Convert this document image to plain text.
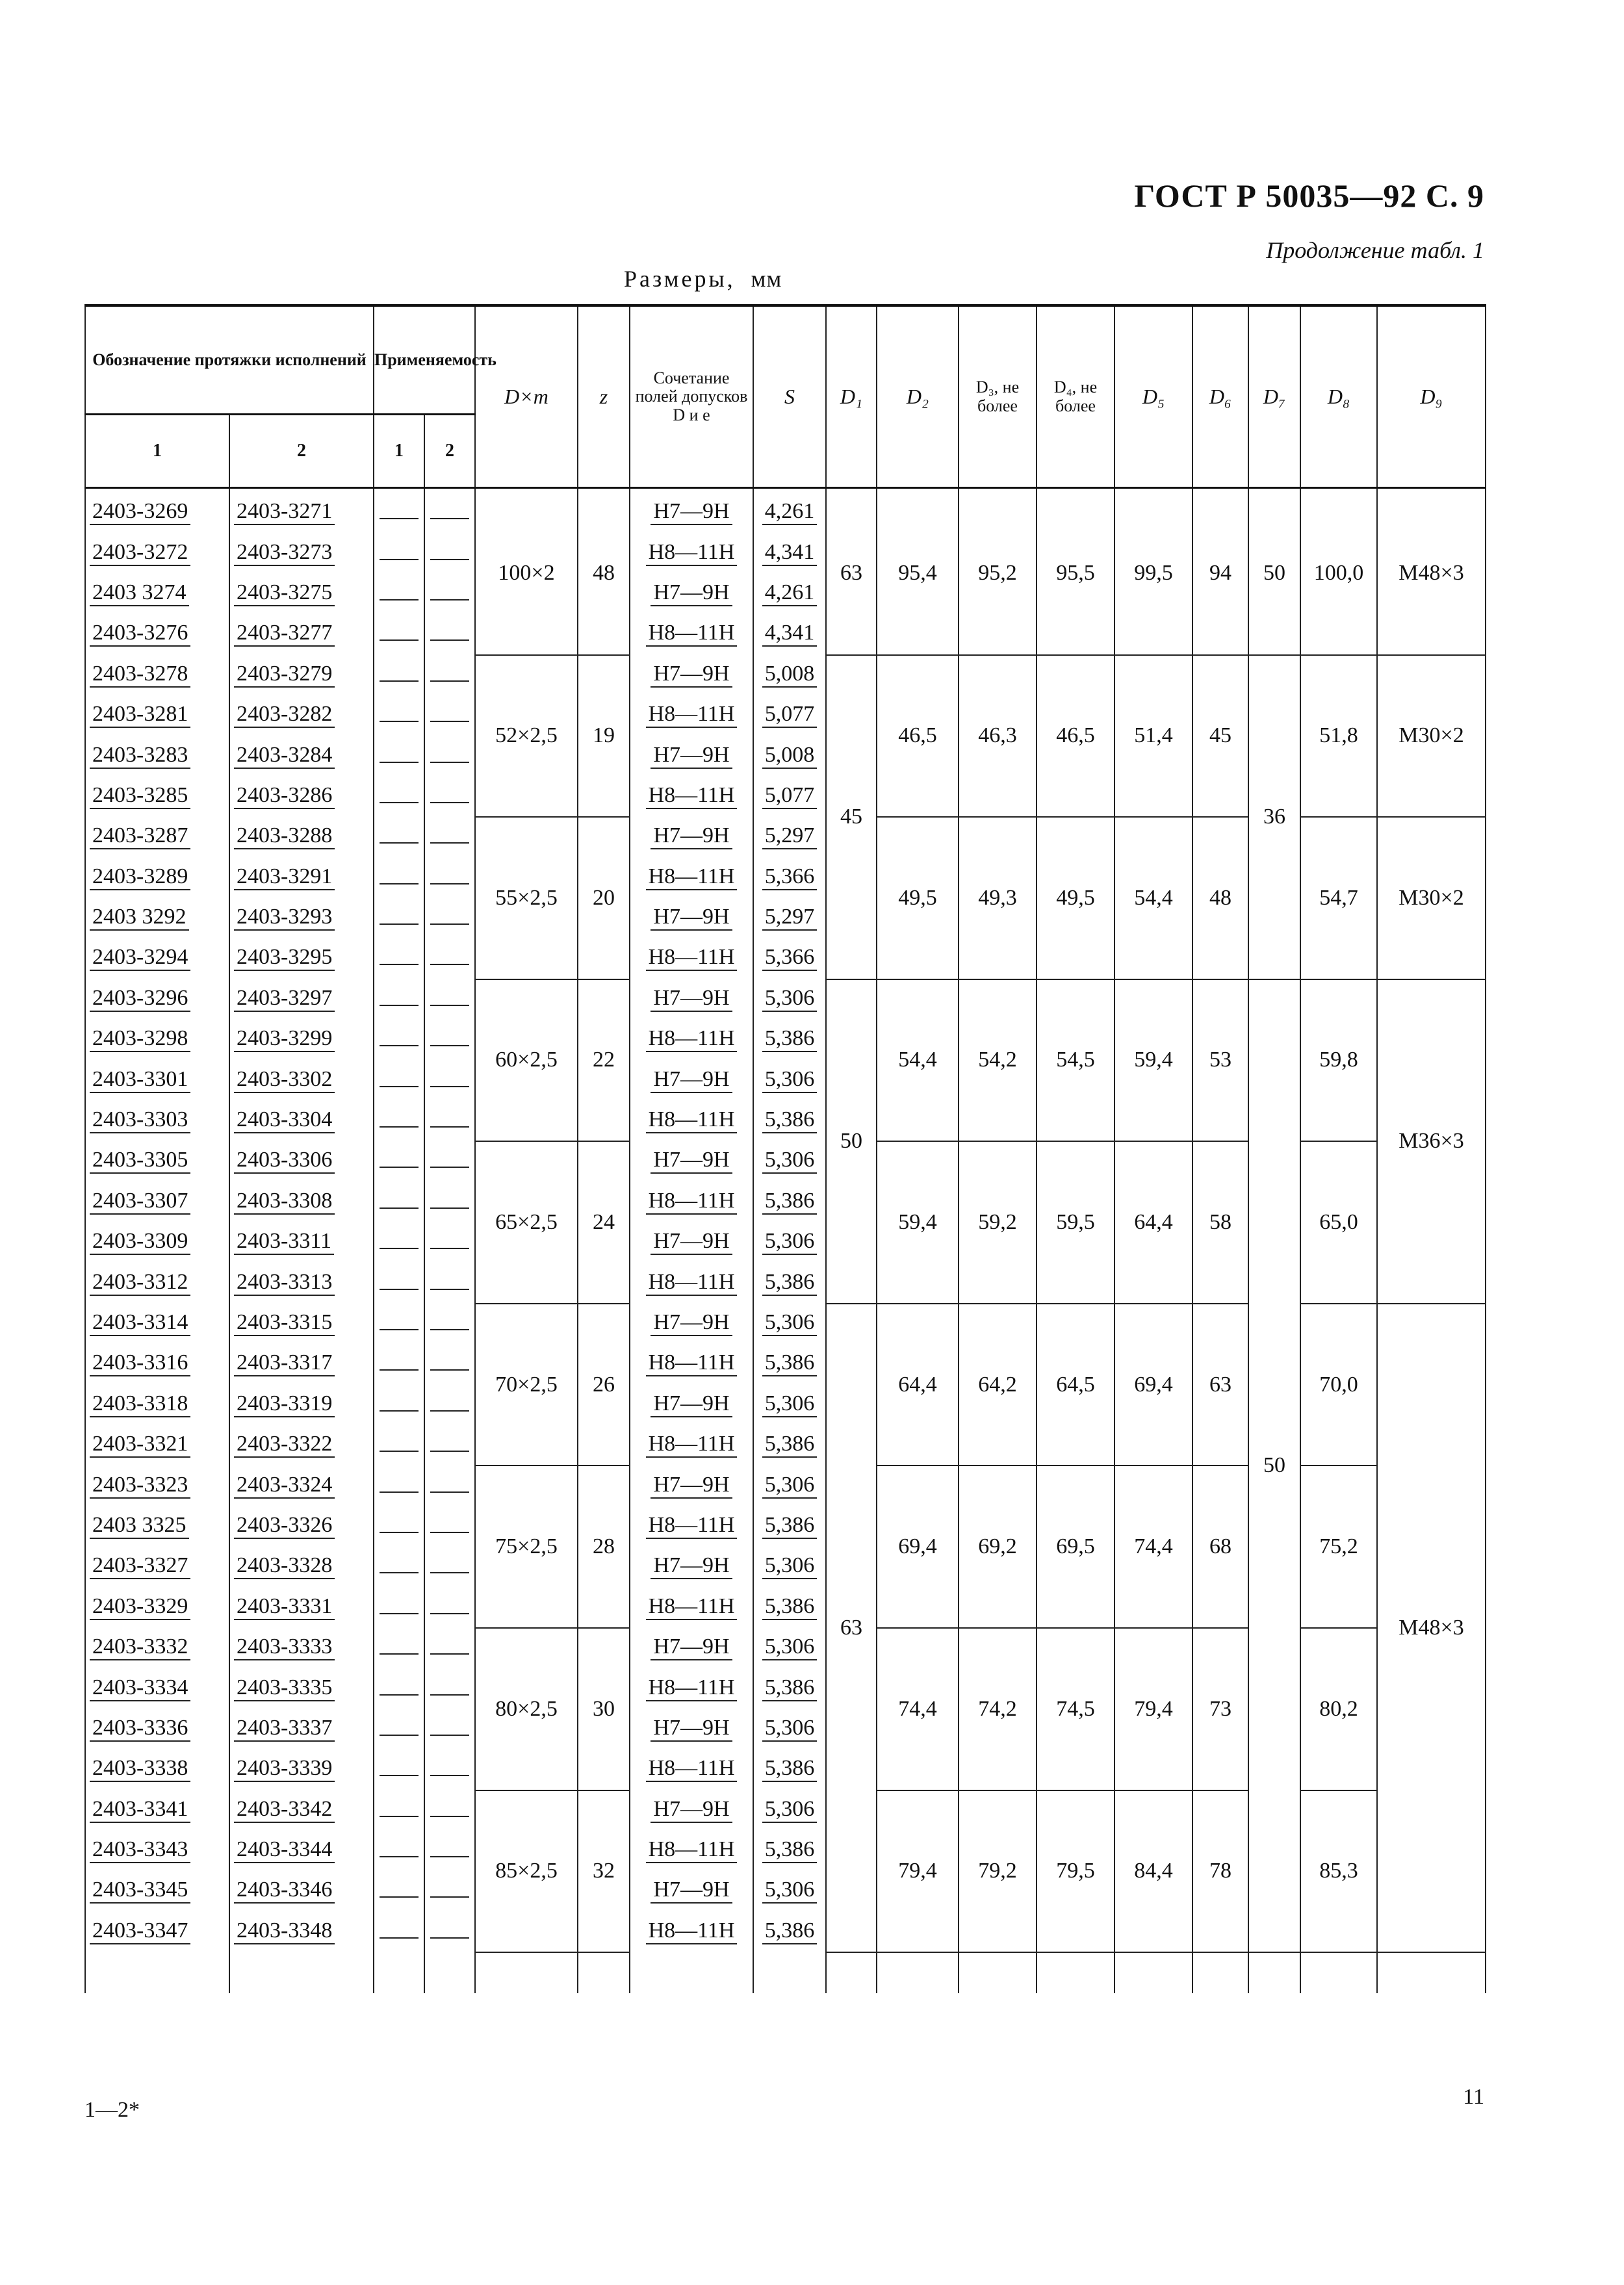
ГОСТ Р 50035—92 С. 9
Продолжение табл. 1
Размеры, мм
Обозначение протяжки исполнений		Применяемость		D×m	z	Сочетание полей допусков D и e	S	D₁	D₂	D₃, не более	D₄, не более	D₅	D₆	D₇	D₈	D₉
1	2	1	2													
2403-3269	2403-3271			100×2	48	H7—9H	4,261	63	95,4	95,2	95,5	99,5	94	50	100,0	M48×3
2403-3272	2403-3273					H8—11H	4,341									
2403 3274	2403-3275					H7—9H	4,261									
2403-3276	2403-3277					H8—11H	4,341									
2403-3278	2403-3279			52×2,5	19	H7—9H	5,008	45	46,5	46,3	46,5	51,4	45	36	51,8	M30×2
2403-3281	2403-3282					H8—11H	5,077									
2403-3283	2403-3284					H7—9H	5,008									
2403-3285	2403-3286					H8—11H	5,077									
2403-3287	2403-3288			55×2,5	20	H7—9H	5,297		49,5	49,3	49,5	54,4	48		54,7	M30×2
2403-3289	2403-3291					H8—11H	5,366									
2403 3292	2403-3293					H7—9H	5,297									
2403-3294	2403-3295					H8—11H	5,366									
2403-3296	2403-3297			60×2,5	22	H7—9H	5,306	50	54,4	54,2	54,5	59,4	53	50	59,8	M36×3
2403-3298	2403-3299					H8—11H	5,386									
2403-3301	2403-3302					H7—9H	5,306									
2403-3303	2403-3304					H8—11H	5,386									
2403-3305	2403-3306			65×2,5	24	H7—9H	5,306		59,4	59,2	59,5	64,4	58		65,0	
2403-3307	2403-3308					H8—11H	5,386									
2403-3309	2403-3311					H7—9H	5,306									
2403-3312	2403-3313					H8—11H	5,386									
2403-3314	2403-3315			70×2,5	26	H7—9H	5,306	63	64,4	64,2	64,5	69,4	63		70,0	M48×3
2403-3316	2403-3317					H8—11H	5,386									
2403-3318	2403-3319					H7—9H	5,306									
2403-3321	2403-3322					H8—11H	5,386									
2403-3323	2403-3324			75×2,5	28	H7—9H	5,306		69,4	69,2	69,5	74,4	68		75,2	
2403 3325	2403-3326					H8—11H	5,386									
2403-3327	2403-3328					H7—9H	5,306									
2403-3329	2403-3331					H8—11H	5,386									
2403-3332	2403-3333			80×2,5	30	H7—9H	5,306		74,4	74,2	74,5	79,4	73		80,2	
2403-3334	2403-3335					H8—11H	5,386									
2403-3336	2403-3337					H7—9H	5,306									
2403-3338	2403-3339					H8—11H	5,386									
2403-3341	2403-3342			85×2,5	32	H7—9H	5,306		79,4	79,2	79,5	84,4	78		85,3	
2403-3343	2403-3344					H8—11H	5,386									
2403-3345	2403-3346					H7—9H	5,306									
2403-3347	2403-3348					H8—11H	5,386									

1—2*
11
